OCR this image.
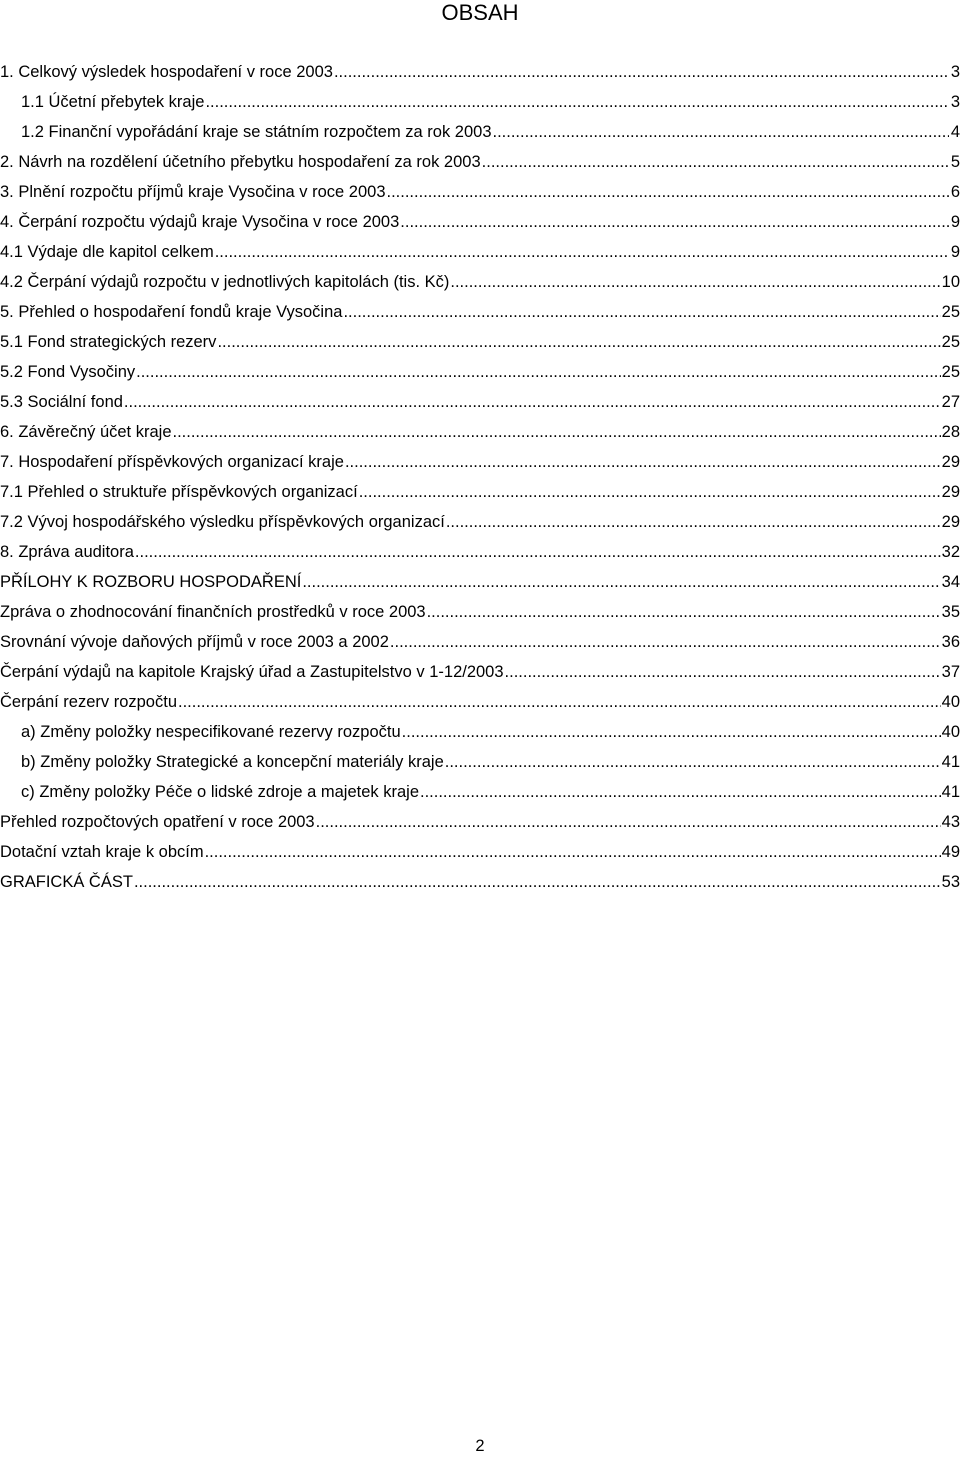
OBSAH
1. Celkový výsledek hospodaření v roce 2003 .....	3
1.1 Účetní přebytek kraje .....	3
1.2 Finanční vypořádání kraje se státním rozpočtem za rok 2003 .....	4
2. Návrh na rozdělení účetního přebytku hospodaření za rok 2003 .....	5
3. Plnění rozpočtu příjmů kraje Vysočina v roce 2003 .....	6
4. Čerpání rozpočtu výdajů kraje Vysočina v roce 2003 .....	9
4.1 Výdaje dle kapitol celkem .....	9
4.2 Čerpání výdajů rozpočtu v jednotlivých kapitolách (tis. Kč) .....	10
5. Přehled o hospodaření fondů kraje Vysočina .....	25
5.1 Fond strategických rezerv .....	25
5.2 Fond Vysočiny .....	25
5.3 Sociální fond .....	27
6. Závěrečný účet kraje .....	28
7. Hospodaření příspěvkových organizací kraje .....	29
7.1 Přehled o struktuře příspěvkových organizací .....	29
7.2 Vývoj hospodářského výsledku příspěvkových organizací .....	29
8. Zpráva auditora .....	32
PŘÍLOHY K ROZBORU HOSPODAŘENÍ .....	34
Zpráva o zhodnocování finančních prostředků v roce 2003 .....	35
Srovnání vývoje daňových příjmů v roce 2003 a 2002 .....	36
Čerpání výdajů na kapitole Krajský úřad a Zastupitelstvo v 1-12/2003 .....	37
Čerpání rezerv rozpočtu .....	40
a) Změny položky nespecifikované rezervy rozpočtu .....	40
b) Změny položky Strategické a koncepční materiály kraje .....	41
c) Změny položky Péče o lidské zdroje a majetek kraje .....	41
Přehled rozpočtových opatření v roce 2003 .....	43
Dotační vztah kraje k obcím .....	49
GRAFICKÁ ČÁST .....	53
2
